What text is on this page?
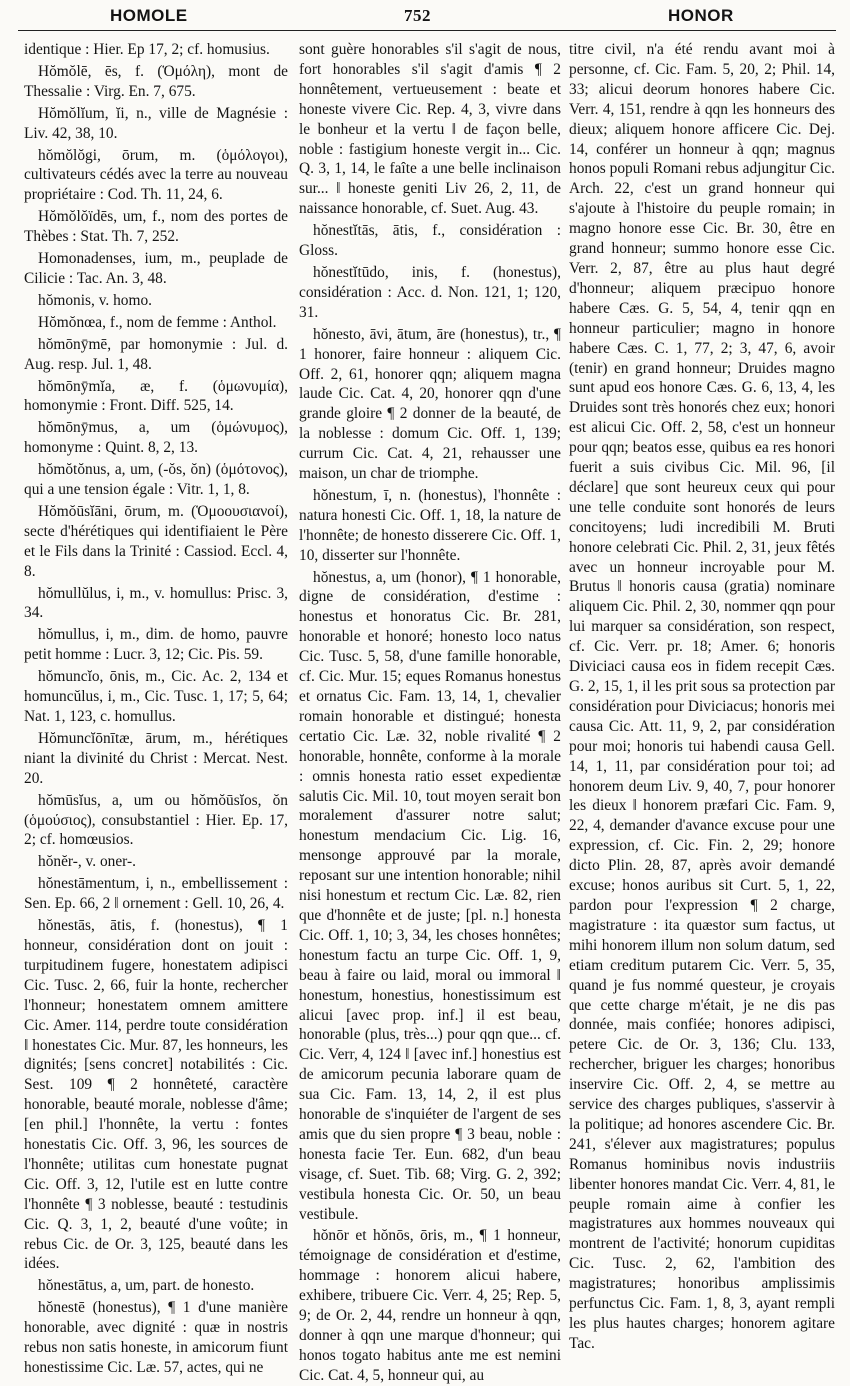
HOMOLE	752	HONOR

identique : Hier. Ep 17, 2; cf. homusius.

Hŏmŏlē, ēs, f. (Ὁμόλη), mont de Thessalie : Virg. En. 7, 675.

Hŏmŏlĭum, ĭi, n., ville de Magnésie : Liv. 42, 38, 10.

hŏmŏlŏgi, ōrum, m. (ὁμόλογοι), cultivateurs cédés avec la terre au nouveau propriétaire : Cod. Th. 11, 24, 6.

Hŏmŏlŏïdēs, um, f., nom des portes de Thèbes : Stat. Th. 7, 252.

Homonadenses, ium, m., peuplade de Cilicie : Tac. An. 3, 48.

hŏmonis, v. homo.

Hŏmŏnœa, f., nom de femme : Anthol.

hŏmōnȳmē, par homonymie : Jul. d. Aug. resp. Jul. 1, 48.

hŏmōnȳmĭa, æ, f. (ὁμωνυμία), homonymie : Front. Diff. 525, 14.

hŏmōnȳmus, a, um (ὁμώνυμος), homonyme : Quint. 8, 2, 13.

hŏmŏtŏnus, a, um, (-ŏs, ŏn) (ὁμότονος), qui a une tension égale : Vitr. 1, 1, 8.

Hŏmŏūsĭāni, ōrum, m. (Ὁμοουσιανοί), secte d'hérétiques qui identifiaient le Père et le Fils dans la Trinité : Cassiod. Eccl. 4, 8.

hŏmullŭlus, i, m., v. homullus: Prisc. 3, 34.

hŏmullus, i, m., dim. de homo, pauvre petit homme : Lucr. 3, 12; Cic. Pis. 59.

hŏmuncĭo, ōnis, m., Cic. Ac. 2, 134 et homuncŭlus, i, m., Cic. Tusc. 1, 17; 5, 64; Nat. 1, 123, c. homullus.

Hŏmuncĭōnītæ, ārum, m., hérétiques niant la divinité du Christ : Mercat. Nest. 20.

hŏmūsĭus, a, um ou hŏmŏūsĭos, ŏn (ὁμούσιος), consubstantiel : Hier. Ep. 17, 2; cf. homœusios.

hŏnĕr-, v. oner-.

hŏnestāmentum, i, n., embellissement : Sen. Ep. 66, 2 ‖ ornement : Gell. 10, 26, 4.

hŏnestās, ātis, f. (honestus), ¶ 1 honneur, considération dont on jouit : turpitudinem fugere, honestatem adipisci Cic. Tusc. 2, 66, fuir la honte, rechercher l'honneur; honestatem omnem amittere Cic. Amer. 114, perdre toute considération ‖ honestates Cic. Mur. 87, les honneurs, les dignités; [sens concret] notabilités : Cic. Sest. 109 ¶ 2 honnêteté, caractère honorable, beauté morale, noblesse d'âme; [en phil.] l'honnête, la vertu : fontes honestatis Cic. Off. 3, 96, les sources de l'honnête; utilitas cum honestate pugnat Cic. Off. 3, 12, l'utile est en lutte contre l'honnête ¶ 3 noblesse, beauté : testudinis Cic. Q. 3, 1, 2, beauté d'une voûte; in rebus Cic. de Or. 3, 125, beauté dans les idées.

hŏnestātus, a, um, part. de honesto.

hŏnestē (honestus), ¶ 1 d'une manière honorable, avec dignité : quæ in nostris rebus non satis honeste, in amicorum fiunt honestissime Cic. Læ. 57, actes, qui ne

sont guère honorables s'il s'agit de nous, fort honorables s'il s'agit d'amis ¶ 2 honnêtement, vertueusement : beate et honeste vivere Cic. Rep. 4, 3, vivre dans le bonheur et la vertu ‖ de façon belle, noble : fastigium honeste vergit in... Cic. Q. 3, 1, 14, le faîte a une belle inclinaison sur... ‖ honeste geniti Liv 26, 2, 11, de naissance honorable, cf. Suet. Aug. 43.

hŏnestĭtās, ātis, f., considération : Gloss.

hŏnestĭtūdo, inis, f. (honestus), considération : Acc. d. Non. 121, 1; 120, 31.

hŏnesto, āvi, ātum, āre (honestus), tr., ¶ 1 honorer, faire honneur : aliquem Cic. Off. 2, 61, honorer qqn; aliquem magna laude Cic. Cat. 4, 20, honorer qqn d'une grande gloire ¶ 2 donner de la beauté, de la noblesse : domum Cic. Off. 1, 139; currum Cic. Cat. 4, 21, rehausser une maison, un char de triomphe.

hŏnestum, ī, n. (honestus), l'honnête : natura honesti Cic. Off. 1, 18, la nature de l'honnête; de honesto disserere Cic. Off. 1, 10, disserter sur l'honnête.

hŏnestus, a, um (honor), ¶ 1 honorable, digne de considération, d'estime : honestus et honoratus Cic. Br. 281, honorable et honoré; honesto loco natus Cic. Tusc. 5, 58, d'une famille honorable, cf. Cic. Mur. 15; eques Romanus honestus et ornatus Cic. Fam. 13, 14, 1, chevalier romain honorable et distingué; honesta certatio Cic. Læ. 32, noble rivalité ¶ 2 honorable, honnête, conforme à la morale : omnis honesta ratio esset expedientæ salutis Cic. Mil. 10, tout moyen serait bon moralement d'assurer notre salut; honestum mendacium Cic. Lig. 16, mensonge approuvé par la morale, reposant sur une intention honorable; nihil nisi honestum et rectum Cic. Læ. 82, rien que d'honnête et de juste; [pl. n.] honesta Cic. Off. 1, 10; 3, 34, les choses honnêtes; honestum factu an turpe Cic. Off. 1, 9, beau à faire ou laid, moral ou immoral ‖ honestum, honestius, honestissimum est alicui [avec prop. inf.] il est beau, honorable (plus, très...) pour qqn que... cf. Cic. Verr, 4, 124 ‖ [avec inf.] honestius est de amicorum pecunia laborare quam de sua Cic. Fam. 13, 14, 2, il est plus honorable de s'inquiéter de l'argent de ses amis que du sien propre ¶ 3 beau, noble : honesta facie Ter. Eun. 682, d'un beau visage, cf. Suet. Tib. 68; Virg. G. 2, 392; vestibula honesta Cic. Or. 50, un beau vestibule.

hŏnōr et hŏnōs, ōris, m., ¶ 1 honneur, témoignage de considération et d'estime, hommage : honorem alicui habere, exhibere, tribuere Cic. Verr. 4, 25; Rep. 5, 9; de Or. 2, 44, rendre un honneur à qqn, donner à qqn une marque d'honneur; qui honos togato habitus ante me est nemini Cic. Cat. 4, 5, honneur qui, au

titre civil, n'a été rendu avant moi à personne, cf. Cic. Fam. 5, 20, 2; Phil. 14, 33; alicui deorum honores habere Cic. Verr. 4, 151, rendre à qqn les honneurs des dieux; aliquem honore afficere Cic. Dej. 14, conférer un honneur à qqn; magnus honos populi Romani rebus adjungitur Cic. Arch. 22, c'est un grand honneur qui s'ajoute à l'histoire du peuple romain; in magno honore esse Cic. Br. 30, être en grand honneur; summo honore esse Cic. Verr. 2, 87, être au plus haut degré d'honneur; aliquem præcipuo honore habere Cæs. G. 5, 54, 4, tenir qqn en honneur particulier; magno in honore habere Cæs. C. 1, 77, 2; 3, 47, 6, avoir (tenir) en grand honneur; Druides magno sunt apud eos honore Cæs. G. 6, 13, 4, les Druides sont très honorés chez eux; honori est alicui Cic. Off. 2, 58, c'est un honneur pour qqn; beatos esse, quibus ea res honori fuerit a suis civibus Cic. Mil. 96, [il déclare] que sont heureux ceux qui pour une telle conduite sont honorés de leurs concitoyens; ludi incredibili M. Bruti honore celebrati Cic. Phil. 2, 31, jeux fêtés avec un honneur incroyable pour M. Brutus ‖ honoris causa (gratia) nominare aliquem Cic. Phil. 2, 30, nommer qqn pour lui marquer sa considération, son respect, cf. Cic. Verr. pr. 18; Amer. 6; honoris Diviciaci causa eos in fidem recepit Cæs. G. 2, 15, 1, il les prit sous sa protection par considération pour Diviciacus; honoris mei causa Cic. Att. 11, 9, 2, par considération pour moi; honoris tui habendi causa Gell. 14, 1, 11, par considération pour toi; ad honorem deum Liv. 9, 40, 7, pour honorer les dieux ‖ honorem præfari Cic. Fam. 9, 22, 4, demander d'avance excuse pour une expression, cf. Cic. Fin. 2, 29; honore dicto Plin. 28, 87, après avoir demandé excuse; honos auribus sit Curt. 5, 1, 22, pardon pour l'expression ¶ 2 charge, magistrature : ita quæstor sum factus, ut mihi honorem illum non solum datum, sed etiam creditum putarem Cic. Verr. 5, 35, quand je fus nommé questeur, je croyais que cette charge m'était, je ne dis pas donnée, mais confiée; honores adipisci, petere Cic. de Or. 3, 136; Clu. 133, rechercher, briguer les charges; honoribus inservire Cic. Off. 2, 4, se mettre au service des charges publiques, s'asservir à la politique; ad honores ascendere Cic. Br. 241, s'élever aux magistratures; populus Romanus hominibus novis industriis libenter honores mandat Cic. Verr. 4, 81, le peuple romain aime à confier les magistratures aux hommes nouveaux qui montrent de l'activité; honorum cupiditas Cic. Tusc. 2, 62, l'ambition des magistratures; honoribus amplissimis perfunctus Cic. Fam. 1, 8, 3, ayant rempli les plus hautes charges; honorem agitare Tac.
